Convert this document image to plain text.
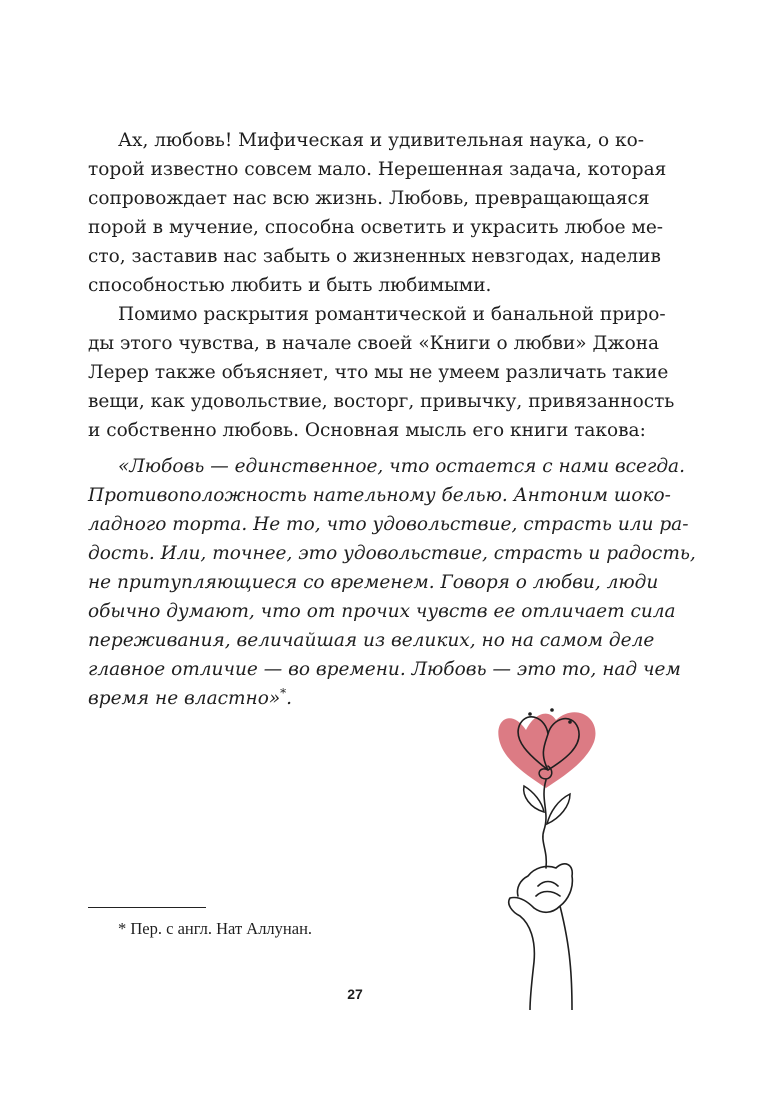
Ах, любовь! Мифическая и удивительная наука, о ко-
торой известно совсем мало. Нерешенная задача, которая
сопровождает нас всю жизнь. Любовь, превращающаяся
порой в мучение, способна осветить и украсить любое ме-
сто, заставив нас забыть о жизненных невзгодах, наделив
способностью любить и быть любимыми.
Помимо раскрытия романтической и банальной приро-
ды этого чувства, в начале своей «Книги о любви» Джона
Лерер также объясняет, что мы не умеем различать такие
вещи, как удовольствие, восторг, привычку, привязанность
и собственно любовь. Основная мысль его книги такова:
«Любовь — единственное, что остается с нами всегда.
Противоположность нательному белью. Антоним шоко-
ладного торта. Не то, что удовольствие, страсть или ра-
дость. Или, точнее, это удовольствие, страсть и радость,
не притупляющиеся со временем. Говоря о любви, люди
обычно думают, что от прочих чувств ее отличает сила
переживания, величайшая из великих, но на самом деле
главное отличие — во времени. Любовь — это то, над чем
время не властно»*.
* Пер. с англ. Нат Аллунан.
27
